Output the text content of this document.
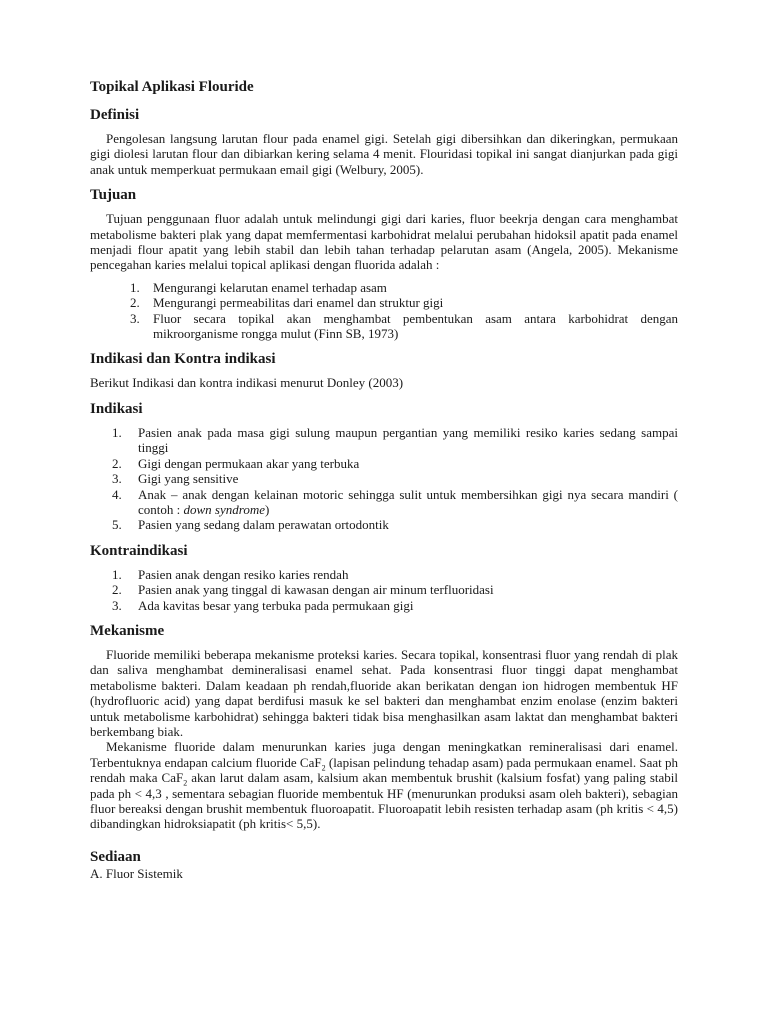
Topikal Aplikasi Flouride
Definisi

Pengolesan langsung larutan flour pada enamel gigi. Setelah gigi dibersihkan dan dikeringkan, permukaan gigi diolesi larutan flour dan dibiarkan kering selama 4 menit. Flouridasi topikal ini sangat dianjurkan pada gigi anak untuk memperkuat permukaan email gigi (Welbury, 2005).

Tujuan

Tujuan penggunaan fluor adalah untuk melindungi gigi dari karies, fluor beekrja dengan cara menghambat metabolisme bakteri plak yang dapat memfermentasi karbohidrat melalui perubahan hidoksil apatit pada enamel menjadi flour apatit yang lebih stabil dan lebih tahan terhadap pelarutan asam (Angela, 2005). Mekanisme pencegahan karies melalui topical aplikasi dengan fluorida adalah :

1. Mengurangi kelarutan enamel terhadap asam
2. Mengurangi permeabilitas dari enamel dan struktur gigi
3. Fluor secara topikal akan menghambat pembentukan asam antara karbohidrat dengan mikroorganisme rongga mulut (Finn SB, 1973)
Indikasi dan Kontra indikasi

Berikut Indikasi dan kontra indikasi menurut Donley (2003)

Indikasi
1. Pasien anak pada masa gigi sulung maupun pergantian yang memiliki resiko karies sedang sampai tinggi
2. Gigi dengan permukaan akar yang terbuka
3. Gigi yang sensitive
4. Anak – anak dengan kelainan motoric sehingga sulit untuk membersihkan gigi nya secara mandiri ( contoh : down syndrome)
5. Pasien yang sedang dalam perawatan ortodontik
Kontraindikasi
1. Pasien anak dengan resiko karies rendah
2. Pasien anak yang tinggal di kawasan dengan air minum terfluoridasi
3. Ada kavitas besar yang terbuka pada permukaan gigi
Mekanisme

Fluoride memiliki beberapa mekanisme proteksi karies. Secara topikal, konsentrasi fluor yang rendah di plak dan saliva menghambat demineralisasi enamel sehat. Pada konsentrasi fluor tinggi dapat menghambat metabolisme bakteri. Dalam keadaan ph rendah,fluoride akan berikatan dengan ion hidrogen membentuk HF (hydrofluoric acid) yang dapat berdifusi masuk ke sel bakteri dan menghambat enzim enolase (enzim bakteri untuk metabolisme karbohidrat) sehingga bakteri tidak bisa menghasilkan asam laktat dan menghambat bakteri berkembang biak.

Mekanisme fluoride dalam menurunkan karies juga dengan meningkatkan remineralisasi dari enamel. Terbentuknya endapan calcium fluoride CaF$_2$ (lapisan pelindung tehadap asam) pada permukaan enamel. Saat ph rendah maka CaF$_2$ akan larut dalam asam, kalsium akan membentuk brushit (kalsium fosfat) yang paling stabil pada ph < 4,3 , sementara sebagian fluoride membentuk HF (menurunkan produksi asam oleh bakteri), sebagian fluor bereaksi dengan brushit membentuk fluoroapatit. Fluoroapatit lebih resisten terhadap asam (ph kritis < 4,5) dibandingkan hidroksiapatit (ph kritis< 5,5).

Sediaan

A. Fluor Sistemik
